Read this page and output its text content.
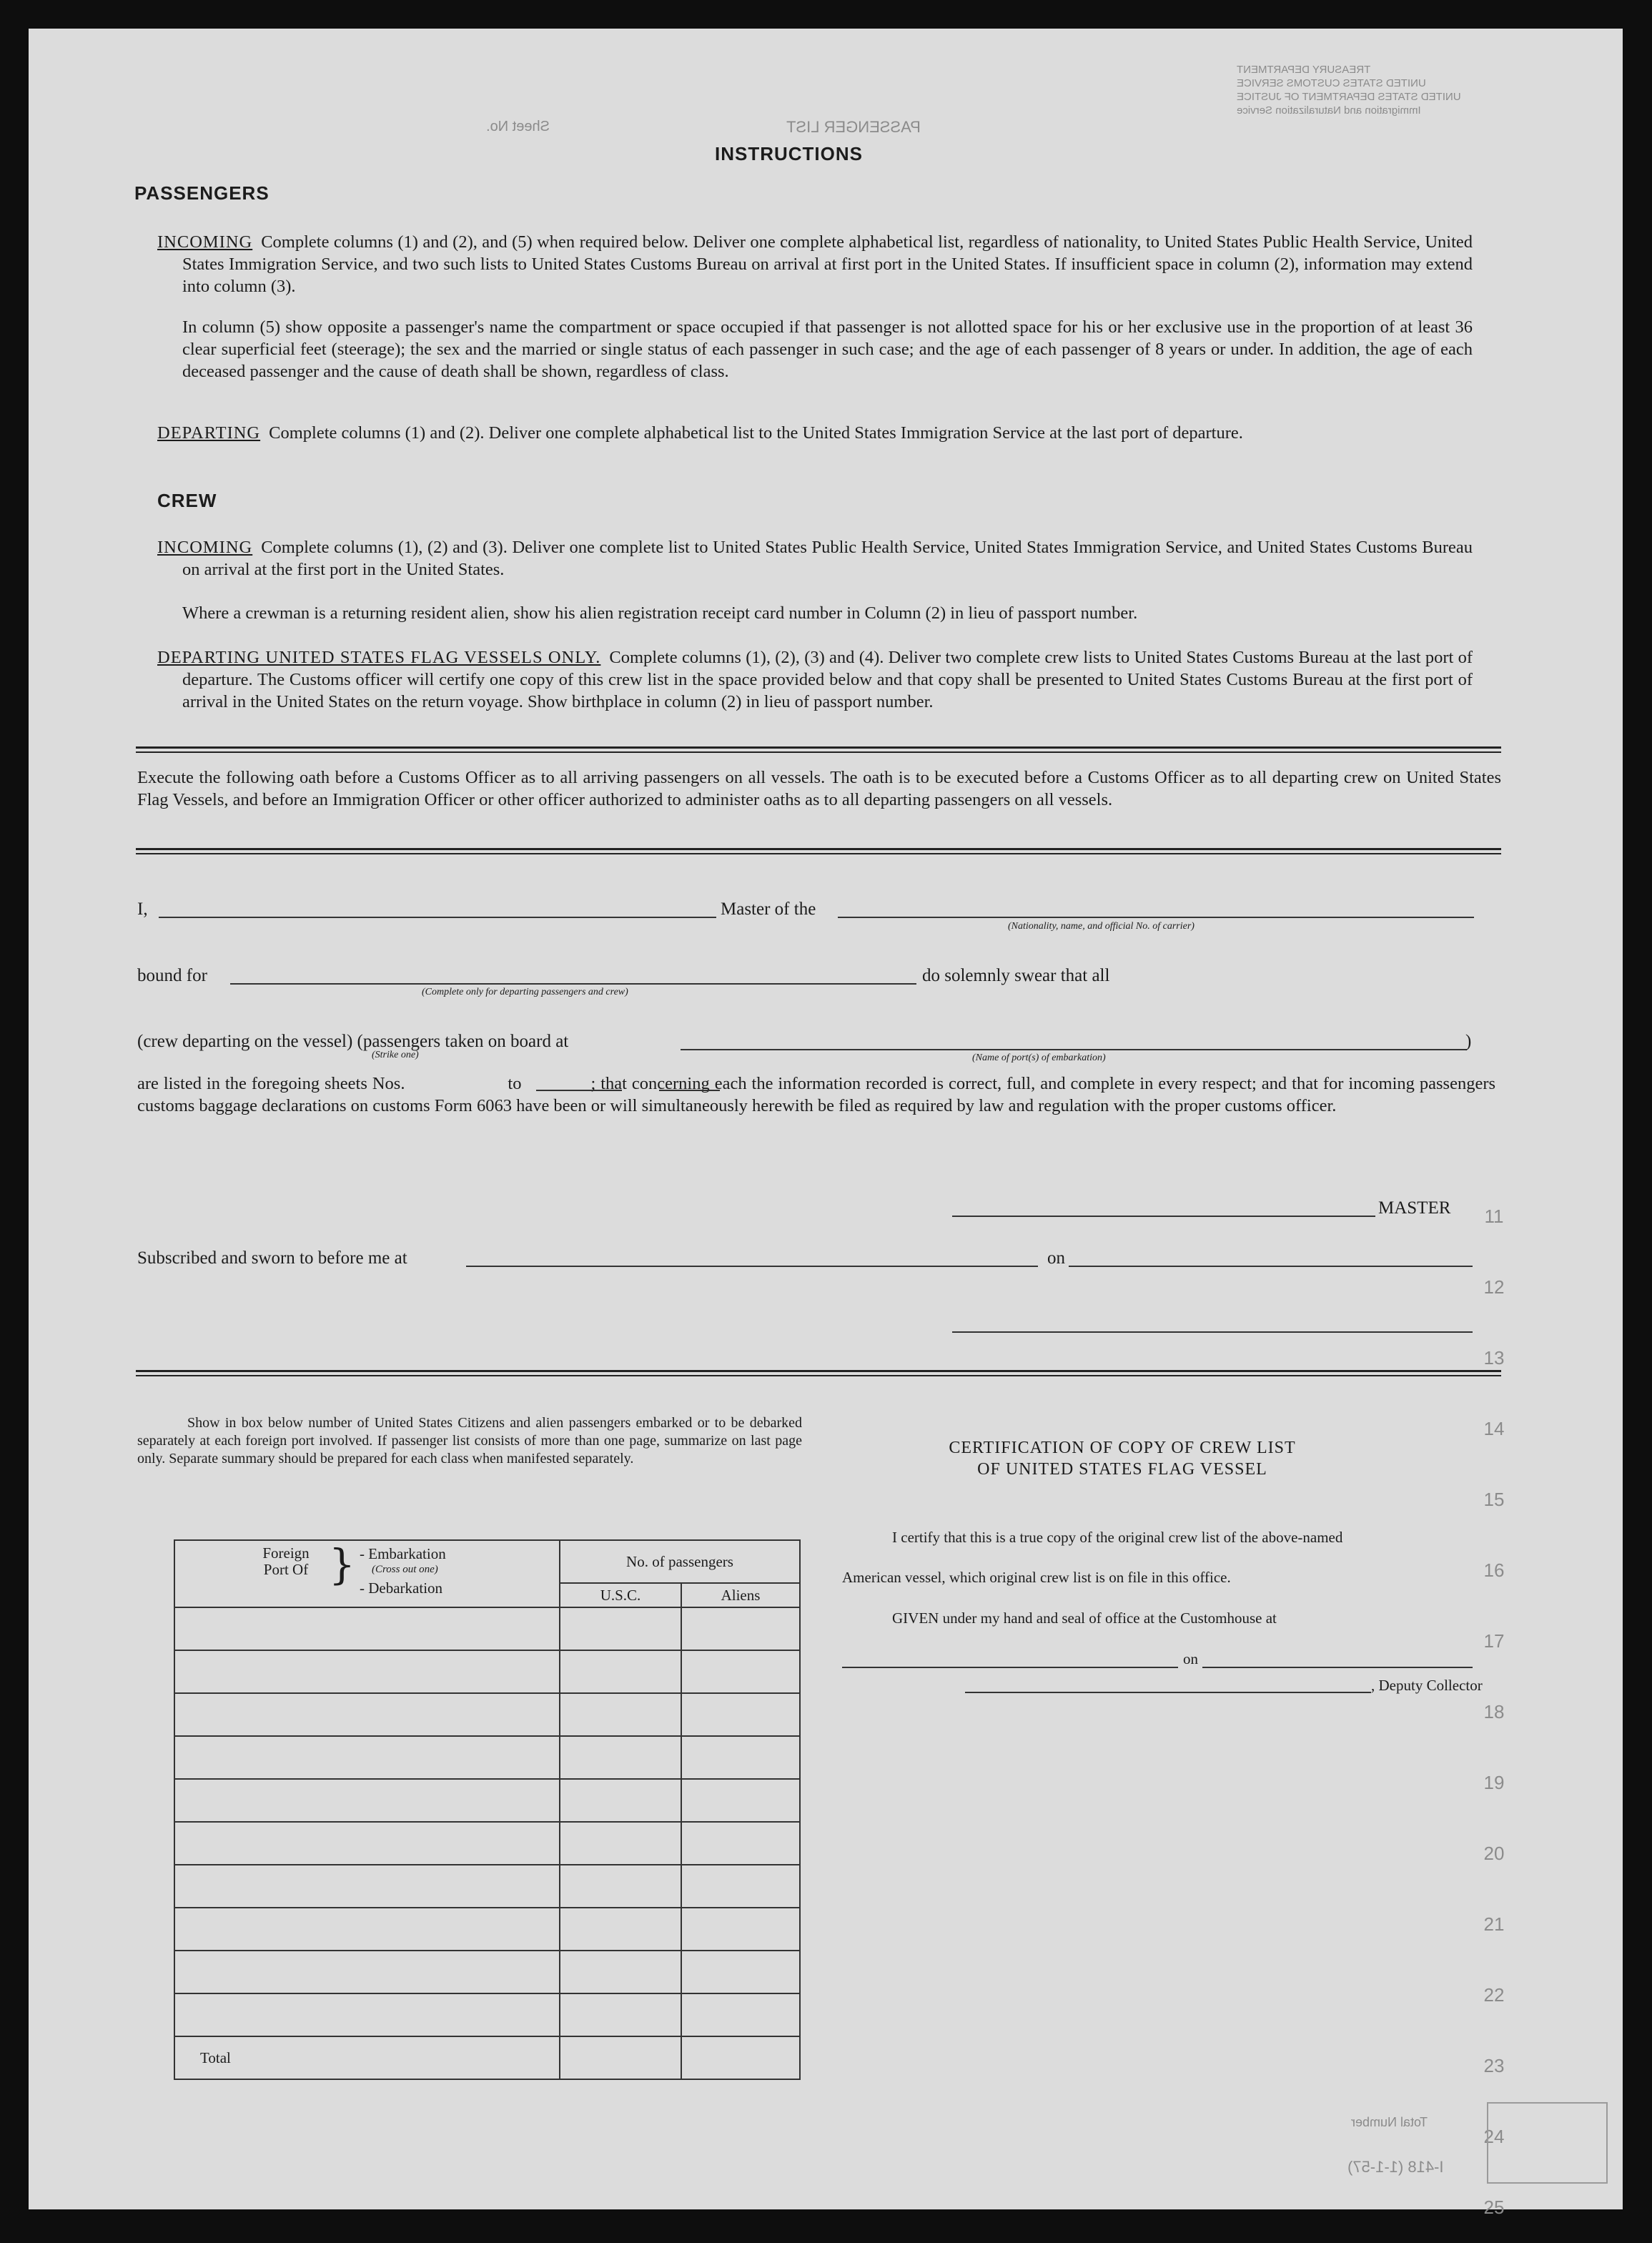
TREASURY DEPARTMENT
UNITED STATES CUSTOMS SERVICE
UNITED STATES DEPARTMENT OF JUSTICE
Immigration and Naturalization Service
PASSENGER LIST
Sheet No.
INSTRUCTIONS
PASSENGERS

INCOMING Complete columns (1) and (2), and (5) when required below. Deliver one complete alphabetical list, regardless of nationality, to United States Public Health Service, United States Immigration Service, and two such lists to United States Customs Bureau on arrival at first port in the United States. If insufficient space in column (2), information may extend into column (3).

In column (5) show opposite a passenger's name the compartment or space occupied if that passenger is not allotted space for his or her exclusive use in the proportion of at least 36 clear superficial feet (steerage); the sex and the married or single status of each passenger in such case; and the age of each passenger of 8 years or under. In addition, the age of each deceased passenger and the cause of death shall be shown, regardless of class.

DEPARTING Complete columns (1) and (2). Deliver one complete alphabetical list to the United States Immigration Service at the last port of departure.

CREW

INCOMING Complete columns (1), (2) and (3). Deliver one complete list to United States Public Health Service, United States Immigration Service, and United States Customs Bureau on arrival at the first port in the United States.

Where a crewman is a returning resident alien, show his alien registration receipt card number in Column (2) in lieu of passport number.

DEPARTING UNITED STATES FLAG VESSELS ONLY. Complete columns (1), (2), (3) and (4). Deliver two complete crew lists to United States Customs Bureau at the last port of departure. The Customs officer will certify one copy of this crew list in the space provided below and that copy shall be presented to United States Customs Bureau at the first port of arrival in the United States on the return voyage. Show birthplace in column (2) in lieu of passport number.

Execute the following oath before a Customs Officer as to all arriving passengers on all vessels. The oath is to be executed before a Customs Officer as to all departing crew on United States Flag Vessels, and before an Immigration Officer or other officer authorized to administer oaths as to all departing passengers on all vessels.

I,	Master of the
(Nationality, name, and official No. of carrier)
bound for
(Complete only for departing passengers and crew)
do solemnly swear that all
(crew departing on the vessel) (passengers taken on board at
(Strike one)	(Name of port(s) of embarkation)
)
are listed in the foregoing sheets Nos.	to	; that concerning each the information recorded is correct, full, and complete in every respect; and that for incoming passengers customs baggage declarations on customs Form 6063 have been or will simultaneously herewith be filed as required by law and regulation with the proper customs officer.
MASTER
Subscribed and sworn to before me at	on
Show in box below number of United States Citizens and alien passengers embarked or to be debarked separately at each foreign port involved. If passenger list consists of more than one page, summarize on last page only. Separate summary should be prepared for each class when manifested separately.
Foreign Port Of } - Embarkation
(Cross out one)
- Debarkation	No. of passengers	
	U.S.C.	Aliens

Total		
CERTIFICATION OF COPY OF CREW LIST
OF UNITED STATES FLAG VESSEL
I certify that this is a true copy of the original crew list of the above-named
American vessel, which original crew list is on file in this office.
GIVEN under my hand and seal of office at the Customhouse at
on
, Deputy Collector
11
12
13
14
15
16
17
18
19
20
21
22
23
24
25
Total Number
I-418 (1-1-57)
